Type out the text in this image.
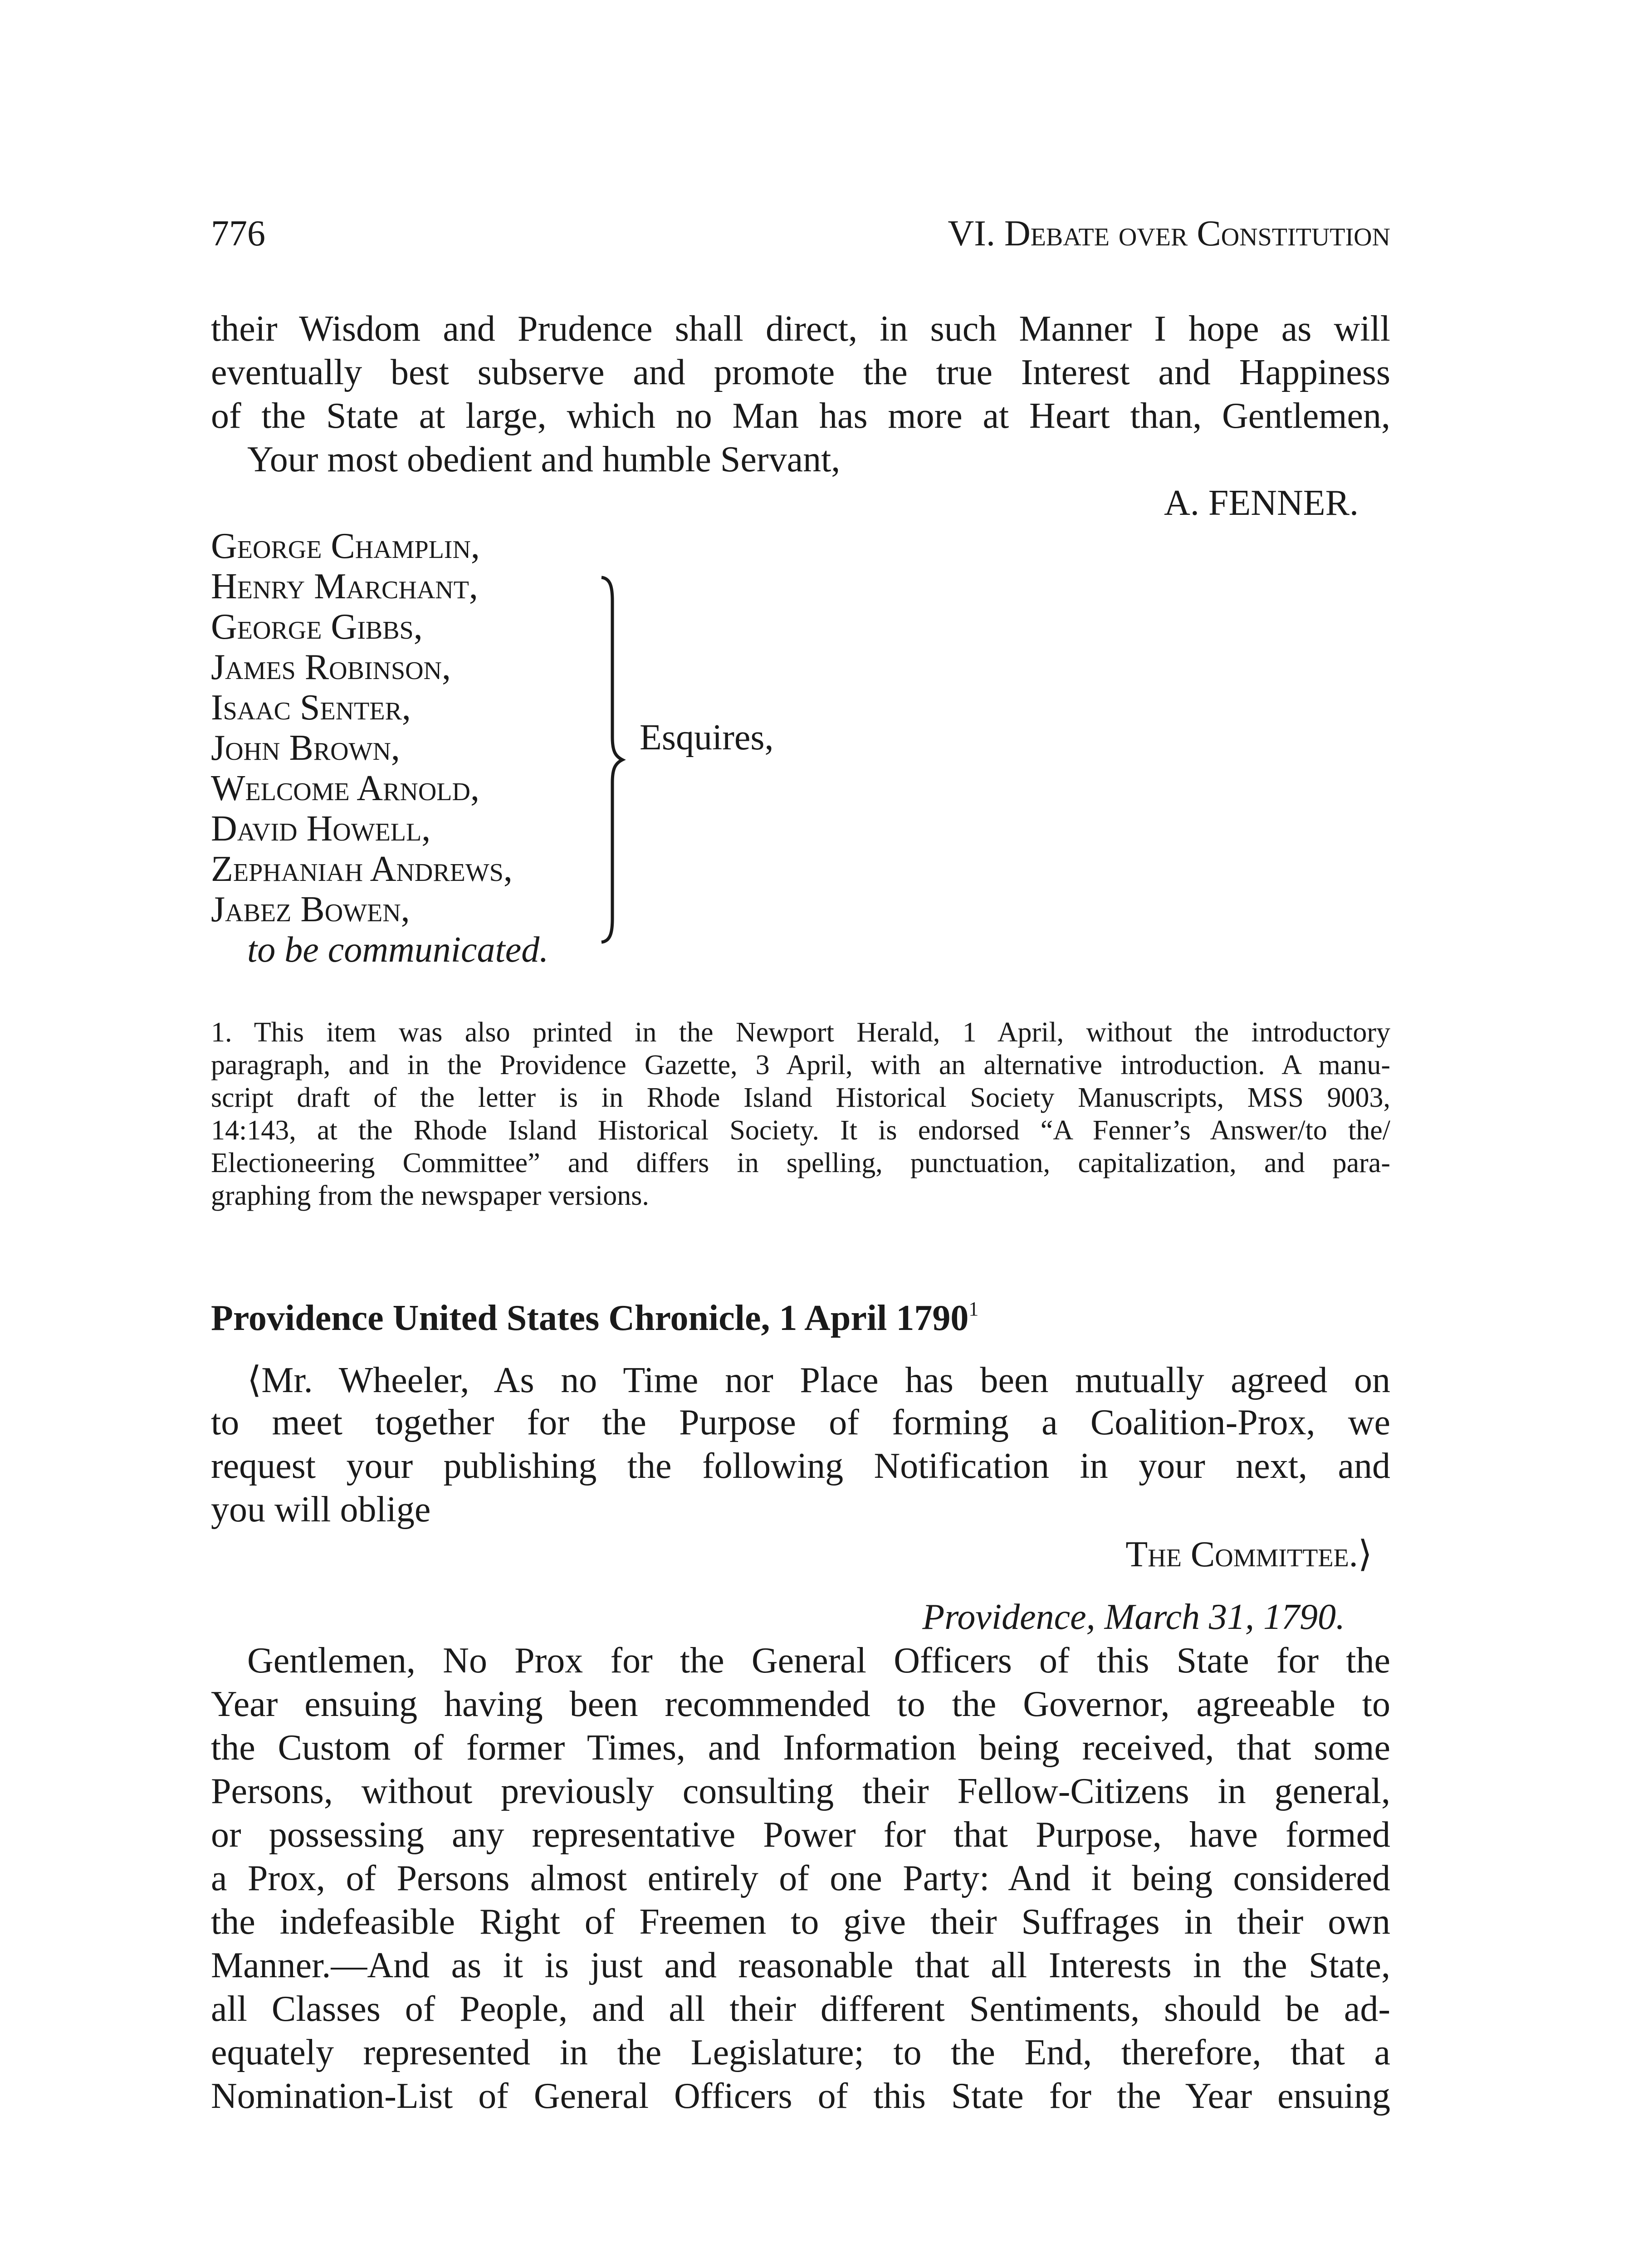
776	VI. Debate over Constitution
their Wisdom and Prudence shall direct, in such Manner I hope as will
eventually best subserve and promote the true Interest and Happiness
of the State at large, which no Man has more at Heart than, Gentlemen,
Your most obedient and humble Servant,
A. FENNER.
George Champlin,
Henry Marchant,
George Gibbs,
James Robinson,
Isaac Senter,
John Brown,
Welcome Arnold,
David Howell,
Zephaniah Andrews,
Jabez Bowen,
to be communicated.
Esquires,
1. This item was also printed in the Newport Herald, 1 April, without the introductory
paragraph, and in the Providence Gazette, 3 April, with an alternative introduction. A manu-
script draft of the letter is in Rhode Island Historical Society Manuscripts, MSS 9003,
14:143, at the Rhode Island Historical Society. It is endorsed “A Fenner’s Answer/to the/
Electioneering Committee” and differs in spelling, punctuation, capitalization, and para-
graphing from the newspaper versions.
Providence United States Chronicle, 1 April 1790$^1$
⟨Mr. Wheeler, As no Time nor Place has been mutually agreed on
to meet together for the Purpose of forming a Coalition-Prox, we
request your publishing the following Notification in your next, and
you will oblige
The Committee.⟩
Providence, March 31, 1790.
Gentlemen, No Prox for the General Officers of this State for the
Year ensuing having been recommended to the Governor, agreeable to
the Custom of former Times, and Information being received, that some
Persons, without previously consulting their Fellow-Citizens in general,
or possessing any representative Power for that Purpose, have formed
a Prox, of Persons almost entirely of one Party: And it being considered
the indefeasible Right of Freemen to give their Suffrages in their own
Manner.—And as it is just and reasonable that all Interests in the State,
all Classes of People, and all their different Sentiments, should be ad-
equately represented in the Legislature; to the End, therefore, that a
Nomination-List of General Officers of this State for the Year ensuing
